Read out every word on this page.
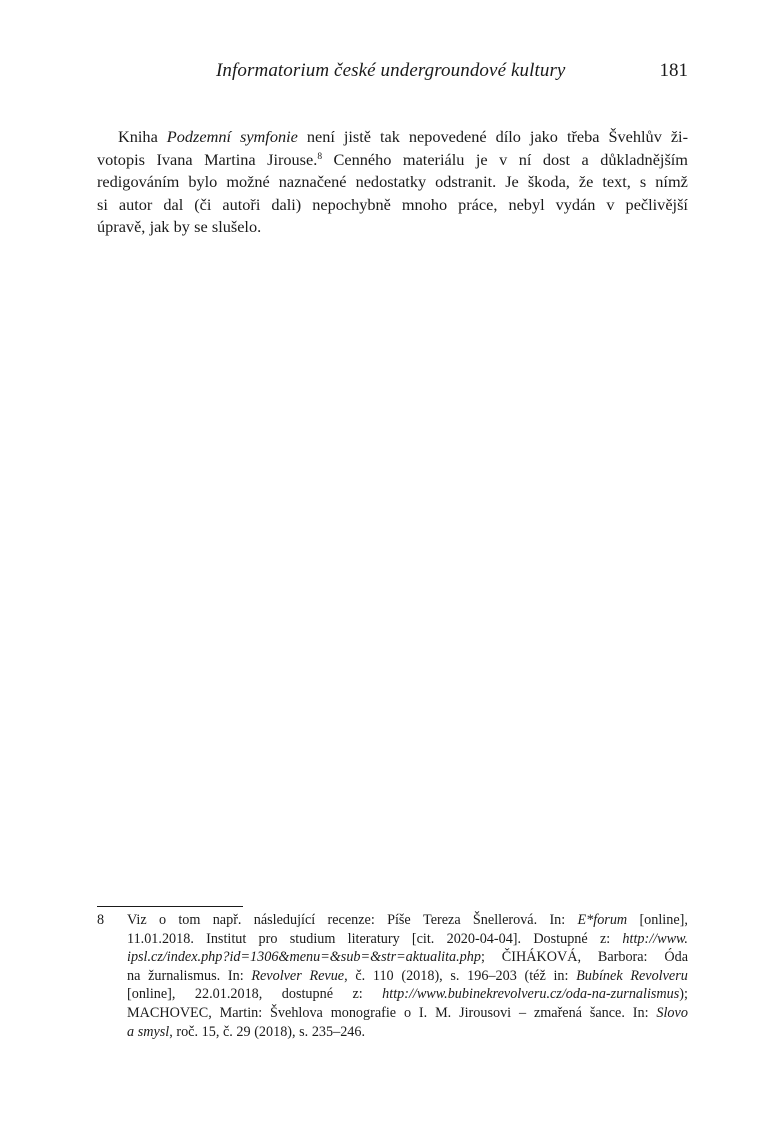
Informatorium české undergroundové kultury	181
Kniha Podzemní symfonie není jistě tak nepovedené dílo jako třeba Švehlův ži-
votopis Ivana Martina Jirouse.$^8$ Cenného materiálu je v ní dost a důkladnějším
redigováním bylo možné naznačené nedostatky odstranit. Je škoda, že text, s nímž
si autor dal (či autoři dali) nepochybně mnoho práce, nebyl vydán v pečlivější
úpravě, jak by se slušelo.
8 Viz o tom např. následující recenze: Píše Tereza Šnellerová. In: E*forum [online],
11.01.2018. Institut pro studium literatury [cit. 2020-04-04]. Dostupné z: http://www.
ipsl.cz/index.php?id=1306&menu=&sub=&str=aktualita.php; ČIHÁKOVÁ, Barbora: Óda
na žurnalismus. In: Revolver Revue, č. 110 (2018), s. 196–203 (též in: Bubínek Revolveru
[online], 22.01.2018, dostupné z: http://www.bubinekrevolveru.cz/oda-na-zurnalismus);
MACHOVEC, Martin: Švehlova monografie o I. M. Jirousovi – zmařená šance. In: Slovo
a smysl, roč. 15, č. 29 (2018), s. 235–246.
